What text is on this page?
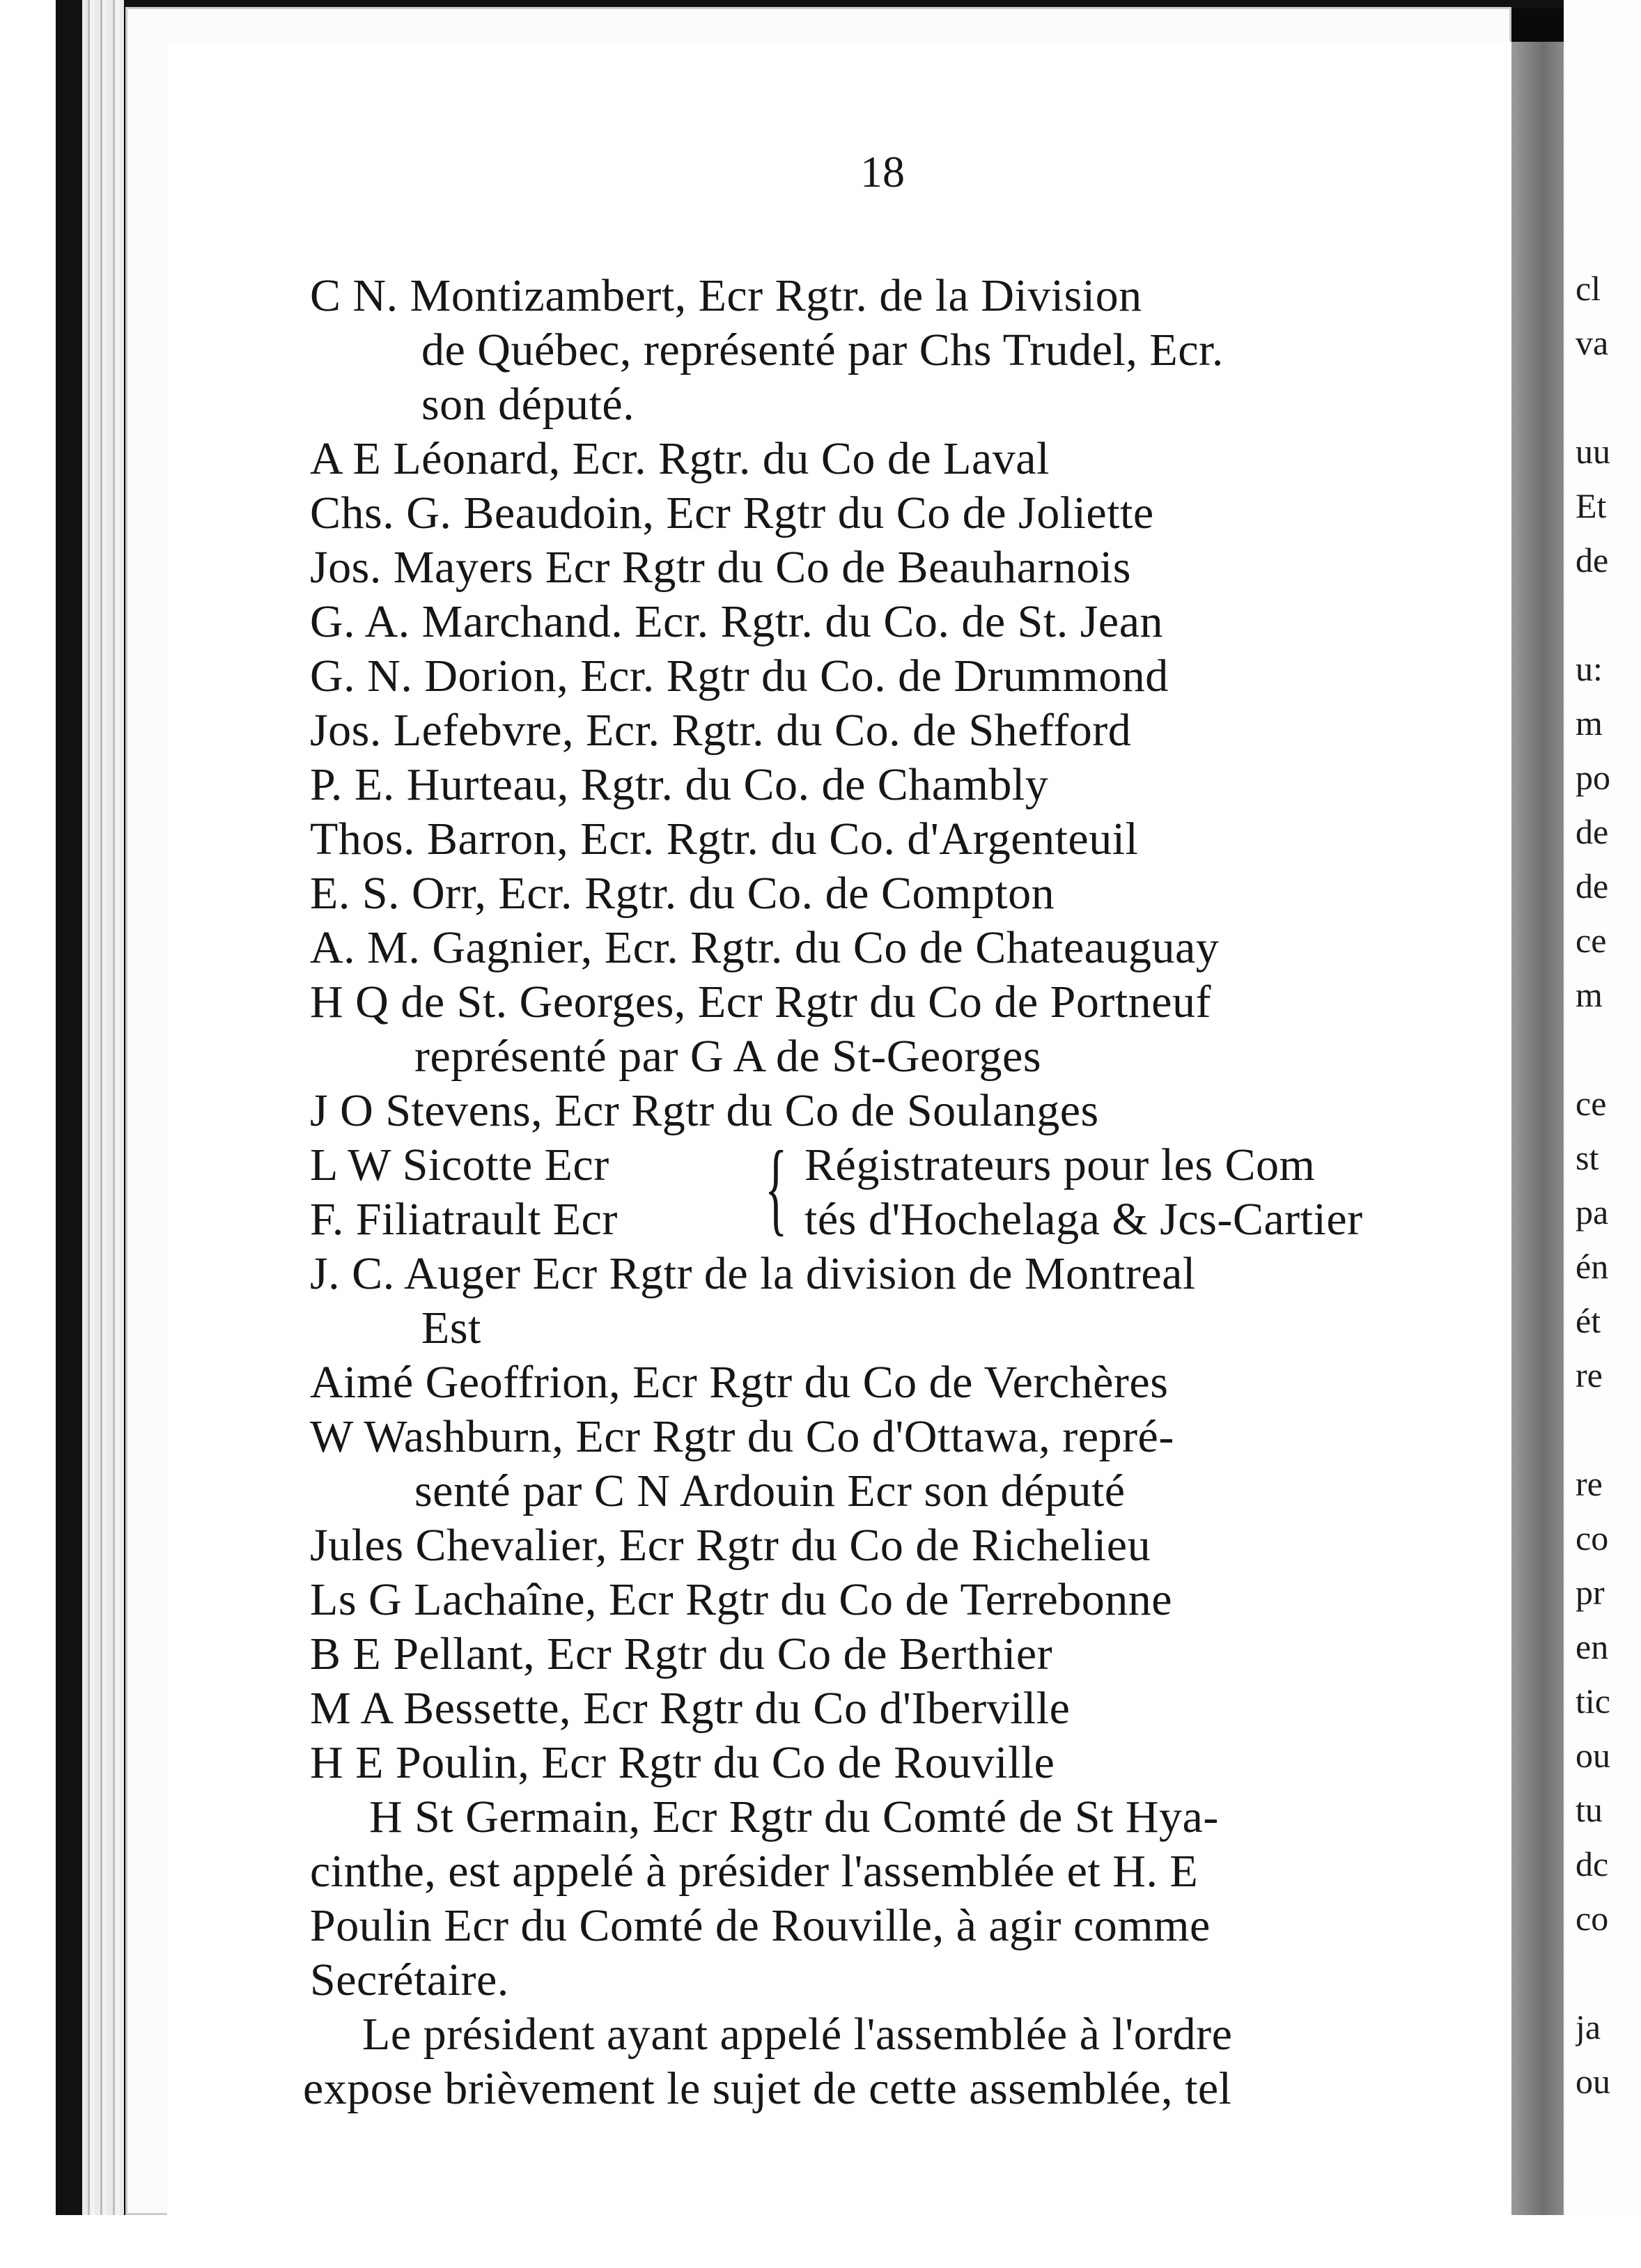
cl
va
uu
Et
de
u:
m
po
de
de
ce
m
ce
st
pa
én
ét
re
re
co
pr
en
tic
ou
tu
dc
co
ja
ou
18
C N. Montizambert, Ecr Rgtr. de la Division
de Québec, représenté par Chs Trudel, Ecr.
son député.
A E Léonard, Ecr. Rgtr. du Co de Laval
Chs. G. Beaudoin, Ecr Rgtr du Co de Joliette
Jos. Mayers Ecr Rgtr du Co de Beauharnois
G. A. Marchand. Ecr. Rgtr. du Co. de St. Jean
G. N. Dorion, Ecr. Rgtr du Co. de Drummond
Jos. Lefebvre, Ecr. Rgtr. du Co. de Shefford
P. E. Hurteau, Rgtr. du Co. de Chambly
Thos. Barron, Ecr. Rgtr. du Co. d'Argenteuil
E. S. Orr, Ecr. Rgtr. du Co. de Compton
A. M. Gagnier, Ecr. Rgtr. du Co de Chateauguay
H Q de St. Georges, Ecr Rgtr du Co de Portneuf
représenté par G A de St-Georges
J O Stevens, Ecr Rgtr du Co de Soulanges
L W Sicotte Ecr	Régistrateurs pour les Com
F. Filiatrault Ecr	tés d'Hochelaga & Jcs-Cartier
J. C. Auger Ecr Rgtr de la division de Montreal
Est
Aimé Geoffrion, Ecr Rgtr du Co de Verchères
W Washburn, Ecr Rgtr du Co d'Ottawa, repré-
senté par C N Ardouin Ecr son député
Jules Chevalier, Ecr Rgtr du Co de Richelieu
Ls G Lachaîne, Ecr Rgtr du Co de Terrebonne
B E Pellant, Ecr Rgtr du Co de Berthier
M A Bessette, Ecr Rgtr du Co d'Iberville
H E Poulin, Ecr Rgtr du Co de Rouville
H St Germain, Ecr Rgtr du Comté de St Hya-
cinthe, est appelé à présider l'assemblée et H. E
Poulin Ecr du Comté de Rouville, à agir comme
Secrétaire.
Le président ayant appelé l'assemblée à l'ordre
expose brièvement le sujet de cette assemblée, tel
{
